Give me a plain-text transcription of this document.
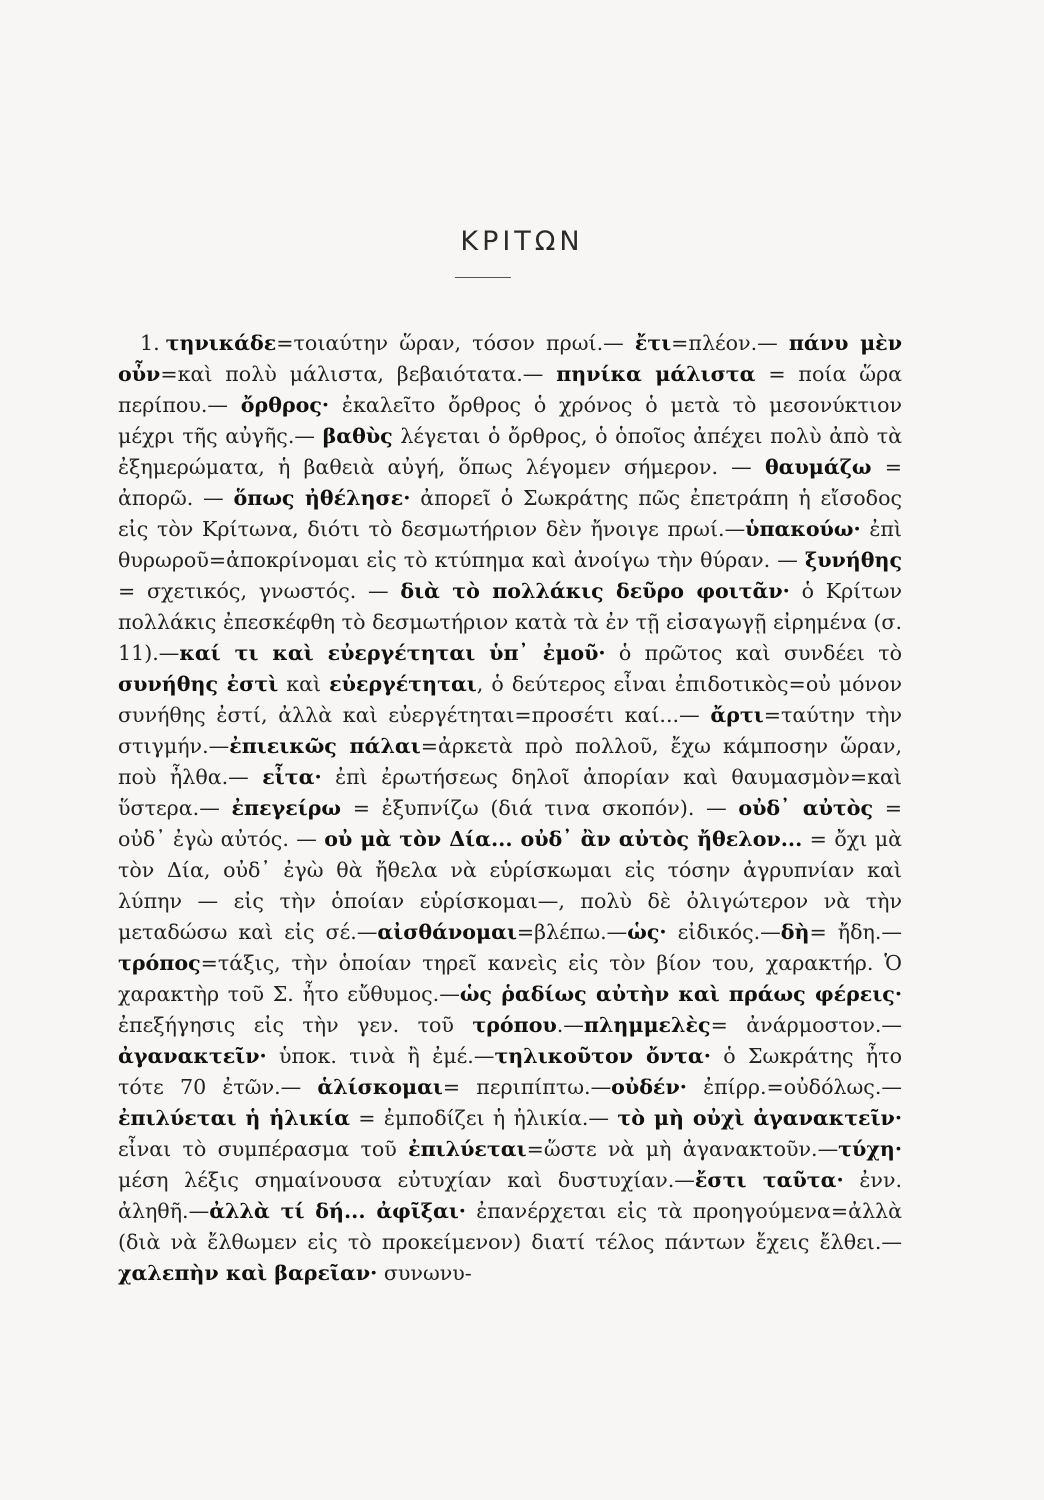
ΚΡΙΤΩΝ
1. τηνικάδε=τοιαύτην ὥραν, τόσον πρωί.— ἔτι=πλέον.— πάνυ μὲν οὖν=καὶ πολὺ μάλιστα, βεβαιότατα.— πηνίκα μάλιστα = ποία ὥρα περίπου.— ὄρθρος· ἐκαλεῖτο ὄρθρος ὁ χρόνος ὁ μετὰ τὸ μεσονύκτιον μέχρι τῆς αὐγῆς.— βαθὺς λέγεται ὁ ὄρθρος, ὁ ὁποῖος ἀπέχει πολὺ ἀπὸ τὰ ἐξημερώματα, ἡ βαθειὰ αὐγή, ὅπως λέγομεν σήμερον. — θαυμάζω = ἀπορῶ. — ὅπως ἠθέλησε· ἀπορεῖ ὁ Σωκράτης πῶς ἐπετράπη ἡ εἴσοδος εἰς τὸν Κρίτωνα, διότι τὸ δεσμωτήριον δὲν ἤνοιγε πρωί.—ὑπακούω· ἐπὶ θυρωροῦ=ἀποκρίνομαι εἰς τὸ κτύπημα καὶ ἀνοίγω τὴν θύραν. — ξυνήθης = σχετικός, γνωστός. — διὰ τὸ πολλάκις δεῦρο φοιτᾶν· ὁ Κρίτων πολλάκις ἐπεσκέφθη τὸ δεσμωτήριον κατὰ τὰ ἐν τῇ εἰσαγωγῇ εἰρημένα (σ. 11).—καί τι καὶ εὐεργέτηται ὑπ᾽ ἐμοῦ· ὁ πρῶτος καὶ συνδέει τὸ συνήθης ἐστὶ καὶ εὐεργέτηται, ὁ δεύτερος εἶναι ἐπιδοτικὸς=οὐ μόνον συνήθης ἐστί, ἀλλὰ καὶ εὐεργέτηται=προσέτι καί...— ἄρτι=ταύτην τὴν στιγμήν.—ἐπιεικῶς πάλαι=ἀρκετὰ πρὸ πολλοῦ, ἔχω κάμποσην ὥραν, ποὺ ἦλθα.— εἶτα· ἐπὶ ἐρωτήσεως δηλοῖ ἀπορίαν καὶ θαυμασμὸν=καὶ ὕστερα.— ἐπεγείρω = ἐξυπνίζω (διά τινα σκοπόν). — οὐδ᾽ αὐτὸς = οὐδ᾽ ἐγὼ αὐτός. — οὐ μὰ τὸν Δία... οὐδ᾽ ἂν αὐτὸς ἤθελον... = ὄχι μὰ τὸν Δία, οὐδ᾽ ἐγὼ θὰ ἤθελα νὰ εὑρίσκωμαι εἰς τόσην ἀγρυπνίαν καὶ λύπην — εἰς τὴν ὁποίαν εὑρίσκομαι—, πολὺ δὲ ὀλιγώτερον νὰ τὴν μεταδώσω καὶ εἰς σέ.—αἰσθάνομαι=βλέπω.—ὡς· εἰδικός.—δὴ= ἤδη.—τρόπος=τάξις, τὴν ὁποίαν τηρεῖ κανεὶς εἰς τὸν βίον του, χαρακτήρ. Ὁ χαρακτὴρ τοῦ Σ. ἦτο εὔθυμος.—ὡς ῥαδίως αὐτὴν καὶ πράως φέρεις· ἐπεξήγησις εἰς τὴν γεν. τοῦ τρόπου.—πλημμελὲς= ἀνάρμοστον.—ἀγανακτεῖν· ὑποκ. τινὰ ἢ ἐμέ.—τηλικοῦτον ὄντα· ὁ Σωκράτης ἦτο τότε 70 ἐτῶν.— ἁλίσκομαι= περιπίπτω.—οὐδέν· ἐπίρρ.=οὐδόλως.—ἐπιλύεται ἡ ἡλικία = ἐμποδίζει ἡ ἡλικία.— τὸ μὴ οὐχὶ ἀγανακτεῖν· εἶναι τὸ συμπέρασμα τοῦ ἐπιλύεται=ὥστε νὰ μὴ ἀγανακτοῦν.—τύχη· μέση λέξις σημαίνουσα εὐτυχίαν καὶ δυστυχίαν.—ἔστι ταῦτα· ἐνν. ἀληθῆ.—ἀλλὰ τί δή... ἀφῖξαι· ἐπανέρχεται εἰς τὰ προηγούμενα=ἀλλὰ (διὰ νὰ ἔλθωμεν εἰς τὸ προκείμενον) διατί τέλος πάντων ἔχεις ἔλθει.—χαλεπὴν καὶ βαρεῖαν· συνωνυ-
